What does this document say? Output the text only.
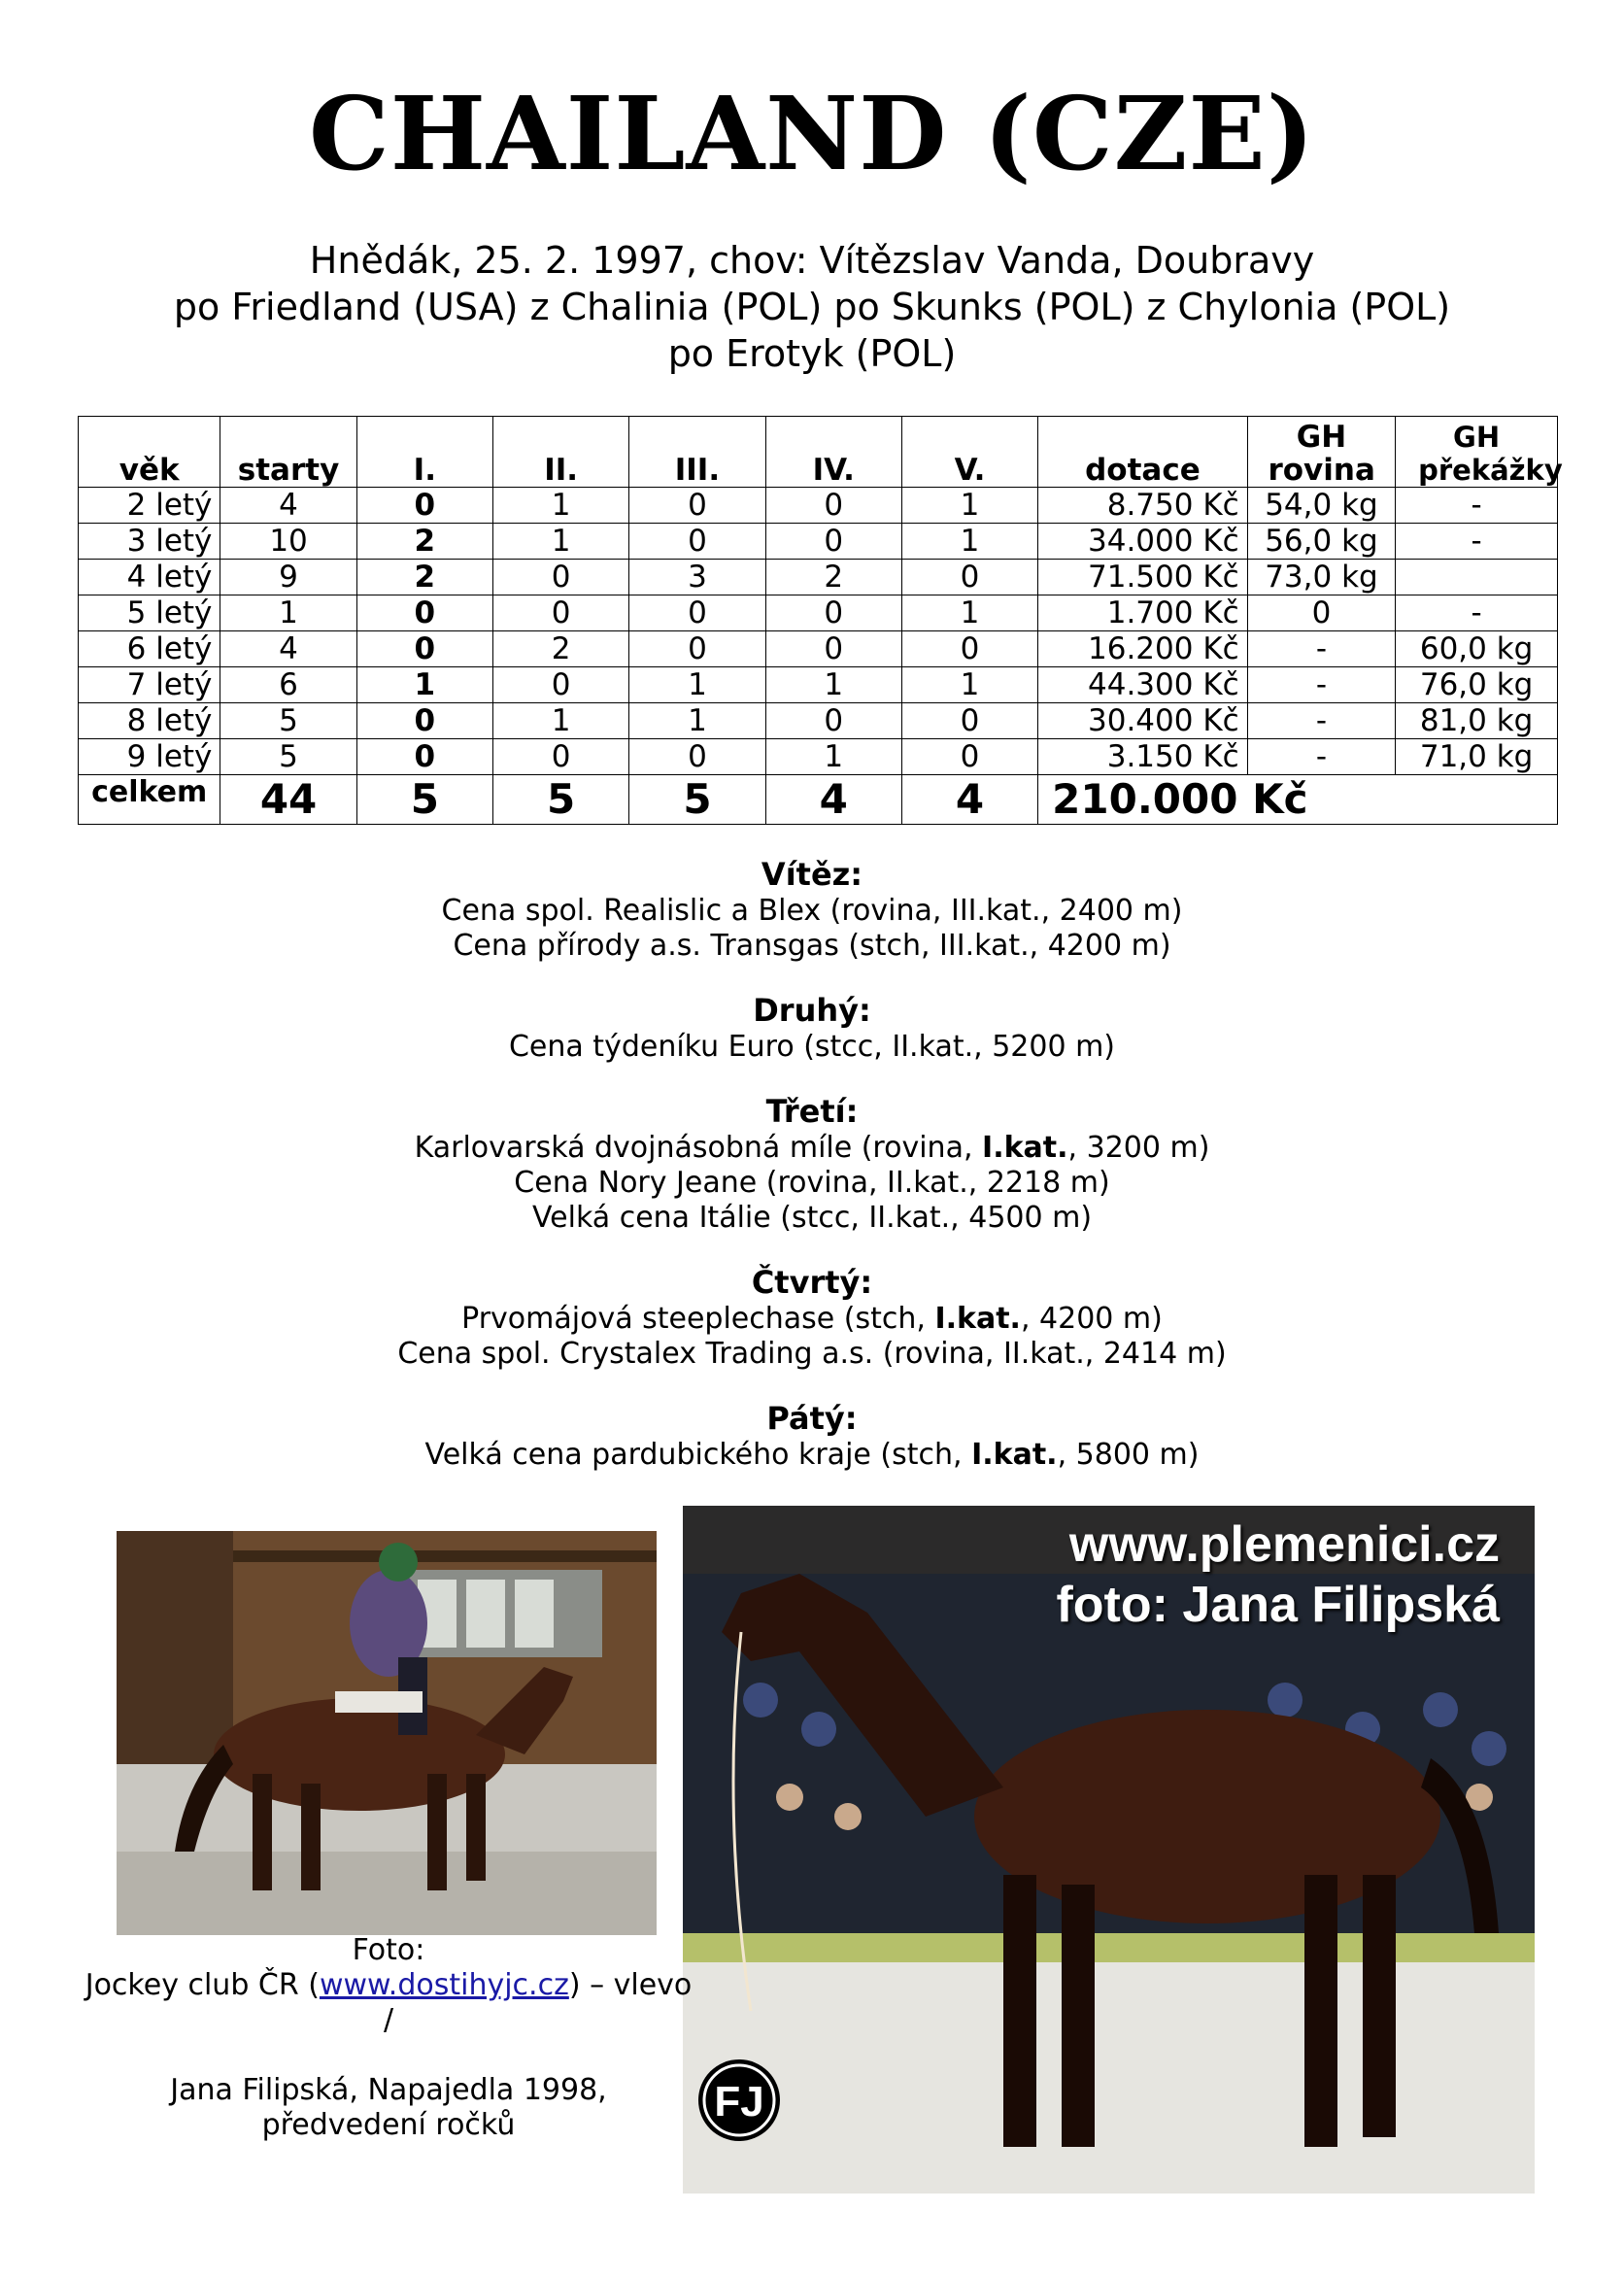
CHAILAND (CZE)
Hnědák, 25. 2. 1997, chov: Vítězslav Vanda, Doubravy
po Friedland (USA) z Chalinia (POL) po Skunks (POL) z Chylonia (POL)
po Erotyk (POL)
věk	starty	I.	II.	III.	IV.	V.	dotace	GH rovina	GH překážky
2 letý	4	0	1	0	0	1	8.750 Kč	54,0 kg	-
3 letý	10	2	1	0	0	1	34.000 Kč	56,0 kg	-
4 letý	9	2	0	3	2	0	71.500 Kč	73,0 kg	
5 letý	1	0	0	0	0	1	1.700 Kč	0	-
6 letý	4	0	2	0	0	0	16.200 Kč	-	60,0 kg
7 letý	6	1	0	1	1	1	44.300 Kč	-	76,0 kg
8 letý	5	0	1	1	0	0	30.400 Kč	-	81,0 kg
9 letý	5	0	0	0	1	0	3.150 Kč	-	71,0 kg
celkem	44	5	5	5	4	4	210.000 Kč		
Vítěz:
Cena spol. Realislic a Blex (rovina, III.kat., 2400 m)
Cena přírody a.s. Transgas (stch, III.kat., 4200 m)
Druhý:
Cena týdeníku Euro (stcc, II.kat., 5200 m)
Třetí:
Karlovarská dvojnásobná míle (rovina, I.kat., 3200 m)
Cena Nory Jeane (rovina, II.kat., 2218 m)
Velká cena Itálie (stcc, II.kat., 4500 m)
Čtvrtý:
Prvomájová steeplechase (stch, I.kat., 4200 m)
Cena spol. Crystalex Trading a.s. (rovina, II.kat., 2414 m)
Pátý:
Velká cena pardubického kraje (stch, I.kat., 5800 m)
FJ
www.plemenici.cz
foto: Jana Filipská
Foto:
Jockey club ČR (www.dostihyjc.cz) – vlevo /
Jana Filipská, Napajedla 1998,
předvedení ročků
